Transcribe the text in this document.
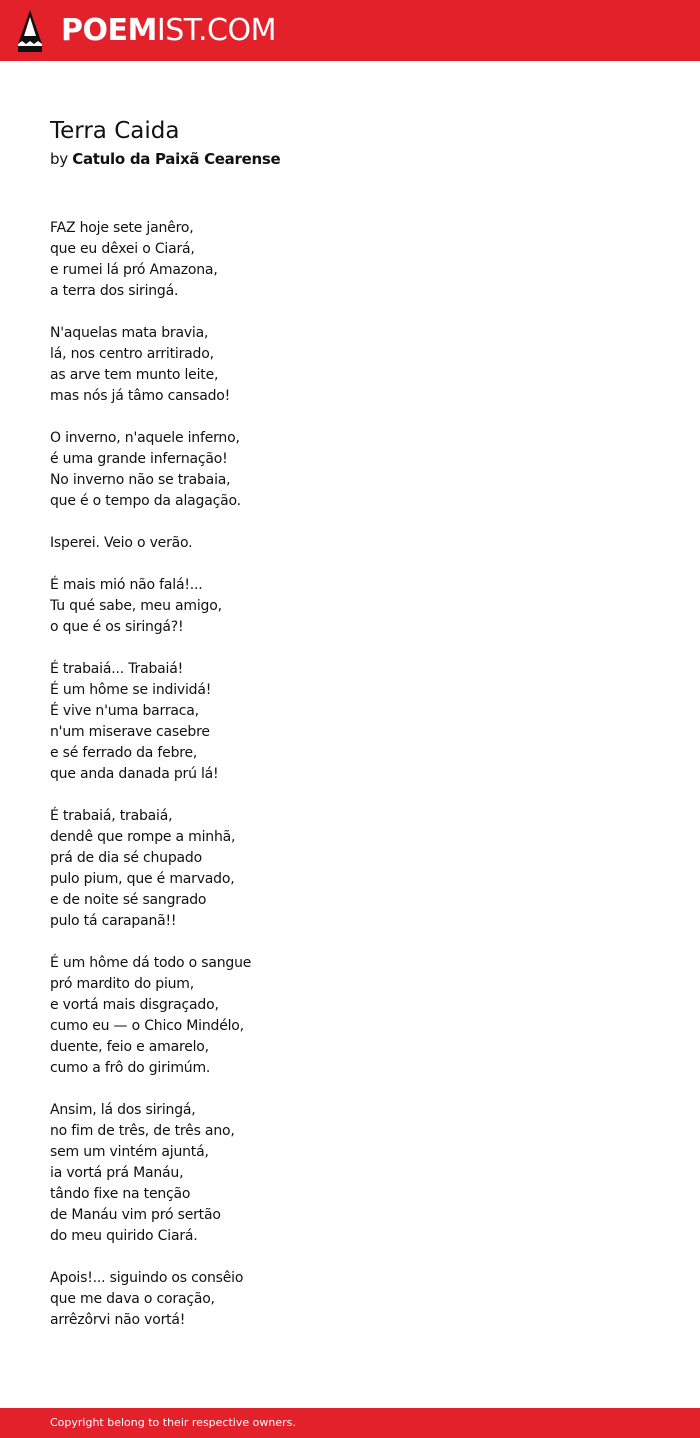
POEMIST.COM
Terra Caida
by Catulo da Paixã Cearense
FAZ hoje sete janêro,
que eu dêxei o Ciará,
e rumei lá pró Amazona,
a terra dos siringá.
N'aquelas mata bravia,
lá, nos centro arritirado,
as arve tem munto leite,
mas nós já tâmo cansado!
O inverno, n'aquele inferno,
é uma grande infernação!
No inverno não se trabaia,
que é o tempo da alagação.
Isperei. Veio o verão.
É mais mió não falá!...
Tu qué sabe, meu amigo,
o que é os siringá?!
É trabaiá... Trabaiá!
É um hôme se individá!
É vive n'uma barraca,
n'um miserave casebre
e sé ferrado da febre,
que anda danada prú lá!
É trabaiá, trabaiá,
dendê que rompe a minhã,
prá de dia sé chupado
pulo pium, que é marvado,
e de noite sé sangrado
pulo tá carapanã!!
É um hôme dá todo o sangue
pró mardito do pium,
e vortá mais disgraçado,
cumo eu — o Chico Mindélo,
duente, feio e amarelo,
cumo a frô do girimúm.
Ansim, lá dos siringá,
no fim de três, de três ano,
sem um vintém ajuntá,
ia vortá prá Manáu,
tândo fixe na tenção
de Manáu vim pró sertão
do meu quirido Ciará.
Apois!... siguindo os consêio
que me dava o coração,
arrêzôrvi não vortá!
Copyright belong to their respective owners.
